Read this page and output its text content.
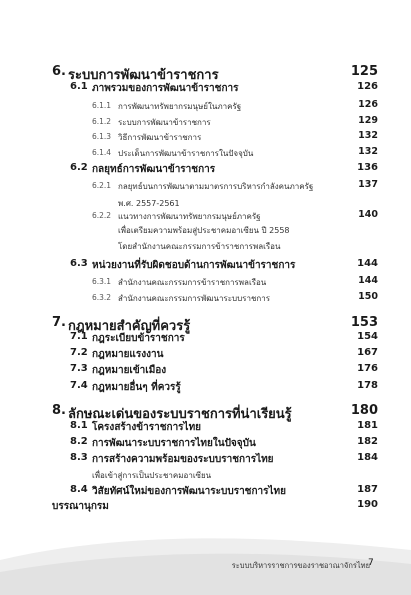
6. ระบบการพัฒนาข้าราชการ	125
6.1 ภาพรวมของการพัฒนาข้าราชการ	126
6.1.1 การพัฒนาทรัพยากรมนุษย์ในภาครัฐ	126
6.1.2 ระบบการพัฒนาข้าราชการ	129
6.1.3 วิธีการพัฒนาข้าราชการ	132
6.1.4 ประเด็นการพัฒนาข้าราชการในปัจจุบัน	132
6.2 กลยุทธ์การพัฒนาข้าราชการ	136
6.2.1 กลยุทธ์บนการพัฒนาตามมาตรการบริหารกำลังคนภาครัฐ	137
พ.ศ. 2557-2561
6.2.2 แนวทางการพัฒนาทรัพยากรมนุษย์ภาครัฐ	140
เพื่อเตรียมความพร้อมสู่ประชาคมอาเซียน ปี 2558
โดยสำนักงานคณะกรรมการข้าราชการพลเรือน
6.3 หน่วยงานที่รับผิดชอบด้านการพัฒนาข้าราชการ	144
6.3.1 สำนักงานคณะกรรมการข้าราชการพลเรือน	144
6.3.2 สำนักงานคณะกรรมการพัฒนาระบบราชการ	150
7. กฎหมายสำคัญที่ควรรู้	153
7.1 กฎระเบียบข้าราชการ	154
7.2 กฎหมายแรงงาน	167
7.3 กฎหมายเข้าเมือง	176
7.4 กฎหมายอื่นๆ ที่ควรรู้	178
8. ลักษณะเด่นของระบบราชการที่น่าเรียนรู้	180
8.1 โครงสร้างข้าราชการไทย	181
8.2 การพัฒนาระบบราชการไทยในปัจจุบัน	182
8.3 การสร้างความพร้อมของระบบราชการไทย	184
เพื่อเข้าสู่การเป็นประชาคมอาเซียน
8.4 วิสัยทัศน์ใหม่ของการพัฒนาระบบราชการไทย	187
บรรณานุกรม	190
ระบบบริหารราชการของราชอาณาจักรไทย
7
